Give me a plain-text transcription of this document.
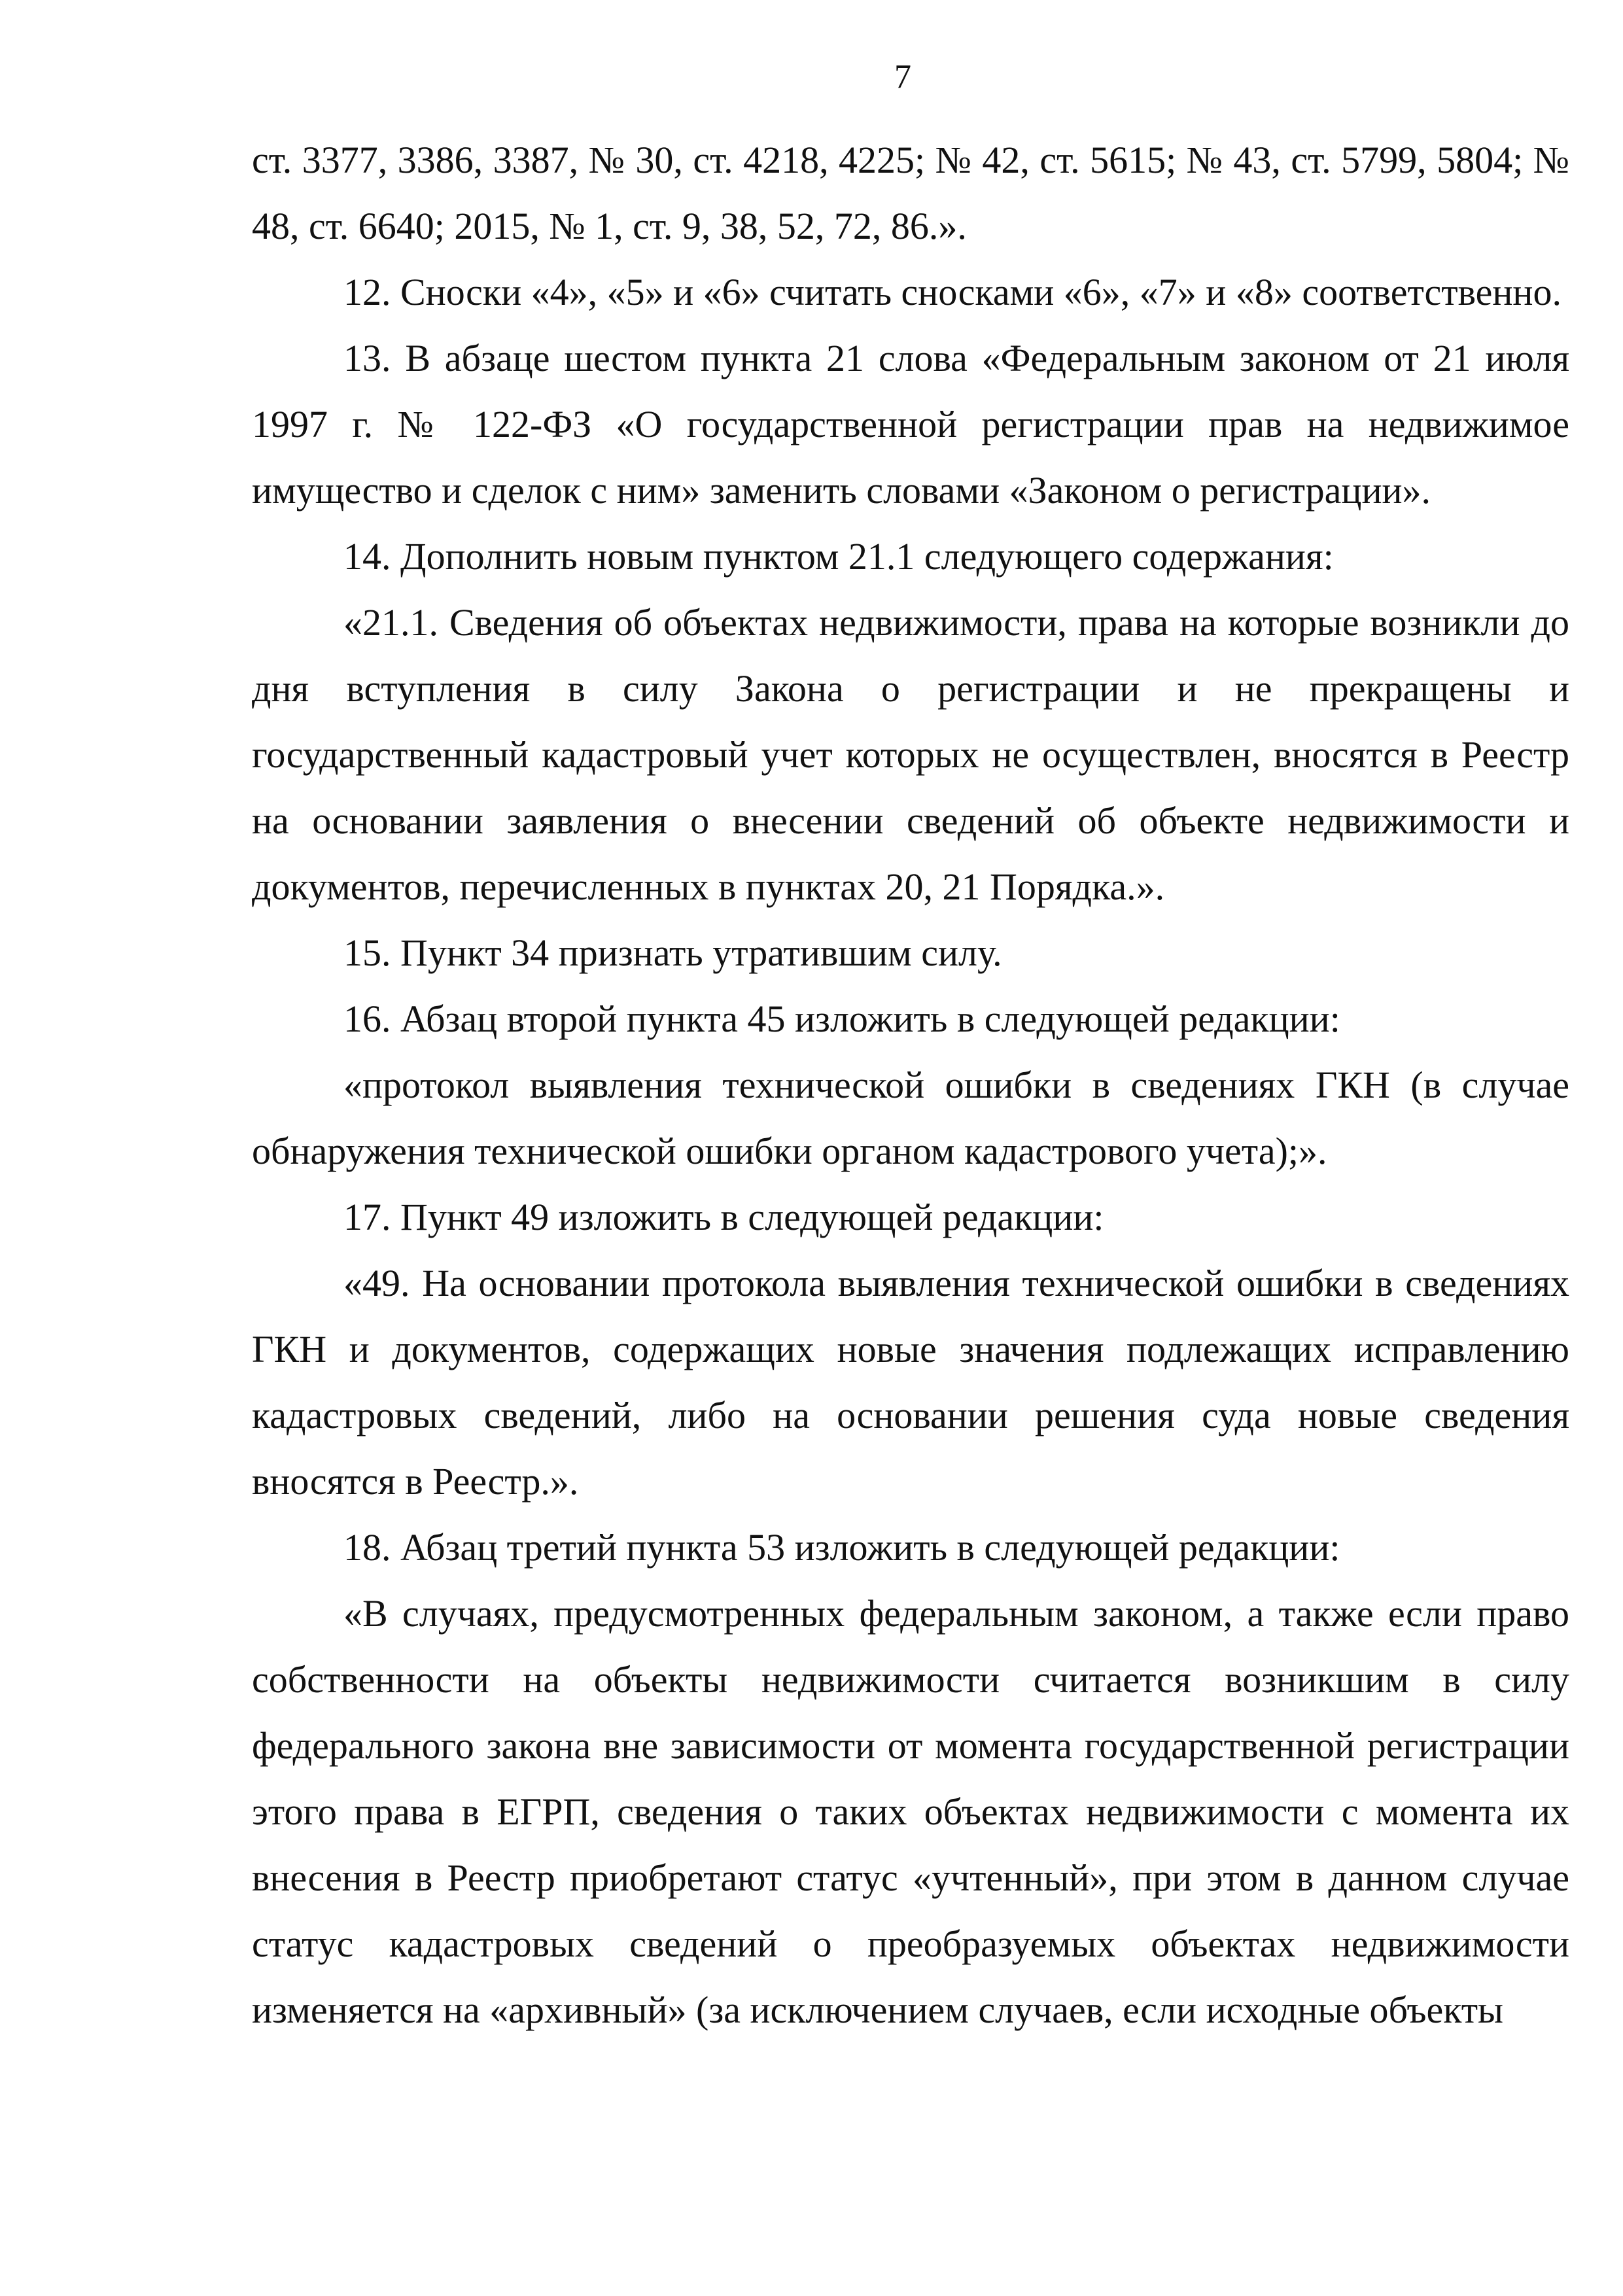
7

ст. 3377, 3386, 3387, № 30, ст. 4218, 4225; № 42, ст. 5615; № 43, ст. 5799, 5804; № 48, ст. 6640; 2015, № 1, ст. 9, 38, 52, 72, 86.».

12. Сноски «4», «5» и «6» считать сносками «6», «7» и «8» соответственно.

13. В абзаце шестом пункта 21 слова «Федеральным законом от 21 июля 1997 г. № 122-ФЗ «О государственной регистрации прав на недвижимое имущество и сделок с ним» заменить словами «Законом о регистрации».

14. Дополнить новым пунктом 21.1 следующего содержания:

«21.1. Сведения об объектах недвижимости, права на которые возникли до дня вступления в силу Закона о регистрации и не прекращены и государственный кадастровый учет которых не осуществлен, вносятся в Реестр на основании заявления о внесении сведений об объекте недвижимости и документов, перечисленных в пунктах 20, 21 Порядка.».

15. Пункт 34 признать утратившим силу.

16. Абзац второй пункта 45 изложить в следующей редакции:

«протокол выявления технической ошибки в сведениях ГКН (в случае обнаружения технической ошибки органом кадастрового учета);».

17. Пункт 49 изложить в следующей редакции:

«49. На основании протокола выявления технической ошибки в сведениях ГКН и документов, содержащих новые значения подлежащих исправлению кадастровых сведений, либо на основании решения суда новые сведения вносятся в Реестр.».

18. Абзац третий пункта 53 изложить в следующей редакции:

«В случаях, предусмотренных федеральным законом, а также если право собственности на объекты недвижимости считается возникшим в силу федерального закона вне зависимости от момента государственной регистрации этого права в ЕГРП, сведения о таких объектах недвижимости с момента их внесения в Реестр приобретают статус «учтенный», при этом в данном случае статус кадастровых сведений о преобразуемых объектах недвижимости изменяется на «архивный» (за исключением случаев, если исходные объекты
